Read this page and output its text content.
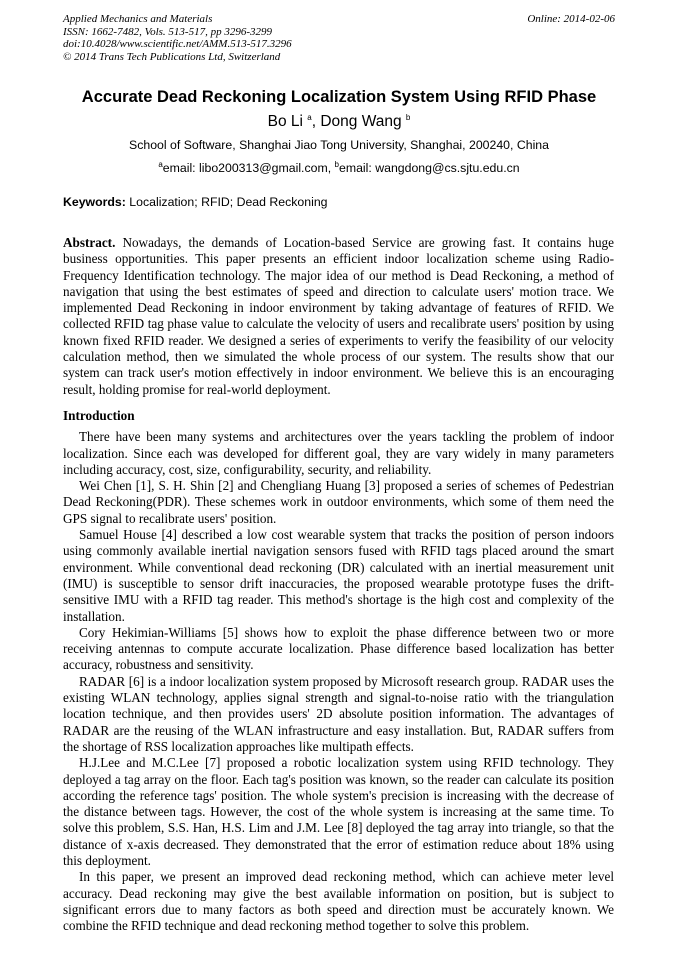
Applied Mechanics and Materials
ISSN: 1662-7482, Vols. 513-517, pp 3296-3299
doi:10.4028/www.scientific.net/AMM.513-517.3296
© 2014 Trans Tech Publications Ltd, Switzerland
Online: 2014-02-06
Accurate Dead Reckoning Localization System Using RFID Phase
Bo Li $^a$, Dong Wang $^b$
School of Software, Shanghai Jiao Tong University, Shanghai, 200240, China
$^a$email: libo200313@gmail.com, $^b$email: wangdong@cs.sjtu.edu.cn
Keywords: Localization; RFID; Dead Reckoning

Abstract. Nowadays, the demands of Location-based Service are growing fast. It contains huge business opportunities. This paper presents an efficient indoor localization scheme using Radio-Frequency Identification technology. The major idea of our method is Dead Reckoning, a method of navigation that using the best estimates of speed and direction to calculate users' motion trace. We implemented Dead Reckoning in indoor environment by taking advantage of features of RFID. We collected RFID tag phase value to calculate the velocity of users and recalibrate users' position by using known fixed RFID reader. We designed a series of experiments to verify the feasibility of our velocity calculation method, then we simulated the whole process of our system. The results show that our system can track user's motion effectively in indoor environment. We believe this is an encouraging result, holding promise for real-world deployment.

Introduction

There have been many systems and architectures over the years tackling the problem of indoor localization. Since each was developed for different goal, they are vary widely in many parameters including accuracy, cost, size, configurability, security, and reliability.

Wei Chen [1], S. H. Shin [2] and Chengliang Huang [3] proposed a series of schemes of Pedestrian Dead Reckoning(PDR). These schemes work in outdoor environments, which some of them need the GPS signal to recalibrate users' position.

Samuel House [4] described a low cost wearable system that tracks the position of person indoors using commonly available inertial navigation sensors fused with RFID tags placed around the smart environment. While conventional dead reckoning (DR) calculated with an inertial measurement unit (IMU) is susceptible to sensor drift inaccuracies, the proposed wearable prototype fuses the drift-sensitive IMU with a RFID tag reader. This method's shortage is the high cost and complexity of the installation.

Cory Hekimian-Williams [5] shows how to exploit the phase difference between two or more receiving antennas to compute accurate localization. Phase difference based localization has better accuracy, robustness and sensitivity.

RADAR [6] is a indoor localization system proposed by Microsoft research group. RADAR uses the existing WLAN technology, applies signal strength and signal-to-noise ratio with the triangulation location technique, and then provides users' 2D absolute position information. The advantages of RADAR are the reusing of the WLAN infrastructure and easy installation. But, RADAR suffers from the shortage of RSS localization approaches like multipath effects.

H.J.Lee and M.C.Lee [7] proposed a robotic localization system using RFID technology. They deployed a tag array on the floor. Each tag's position was known, so the reader can calculate its position according the reference tags' position. The whole system's precision is increasing with the decrease of the distance between tags. However, the cost of the whole system is increasing at the same time. To solve this problem, S.S. Han, H.S. Lim and J.M. Lee [8] deployed the tag array into triangle, so that the distance of x-axis decreased. They demonstrated that the error of estimation reduce about 18% using this deployment.

In this paper, we present an improved dead reckoning method, which can achieve meter level accuracy. Dead reckoning may give the best available information on position, but is subject to significant errors due to many factors as both speed and direction must be accurately known. We combine the RFID technique and dead reckoning method together to solve this problem.
